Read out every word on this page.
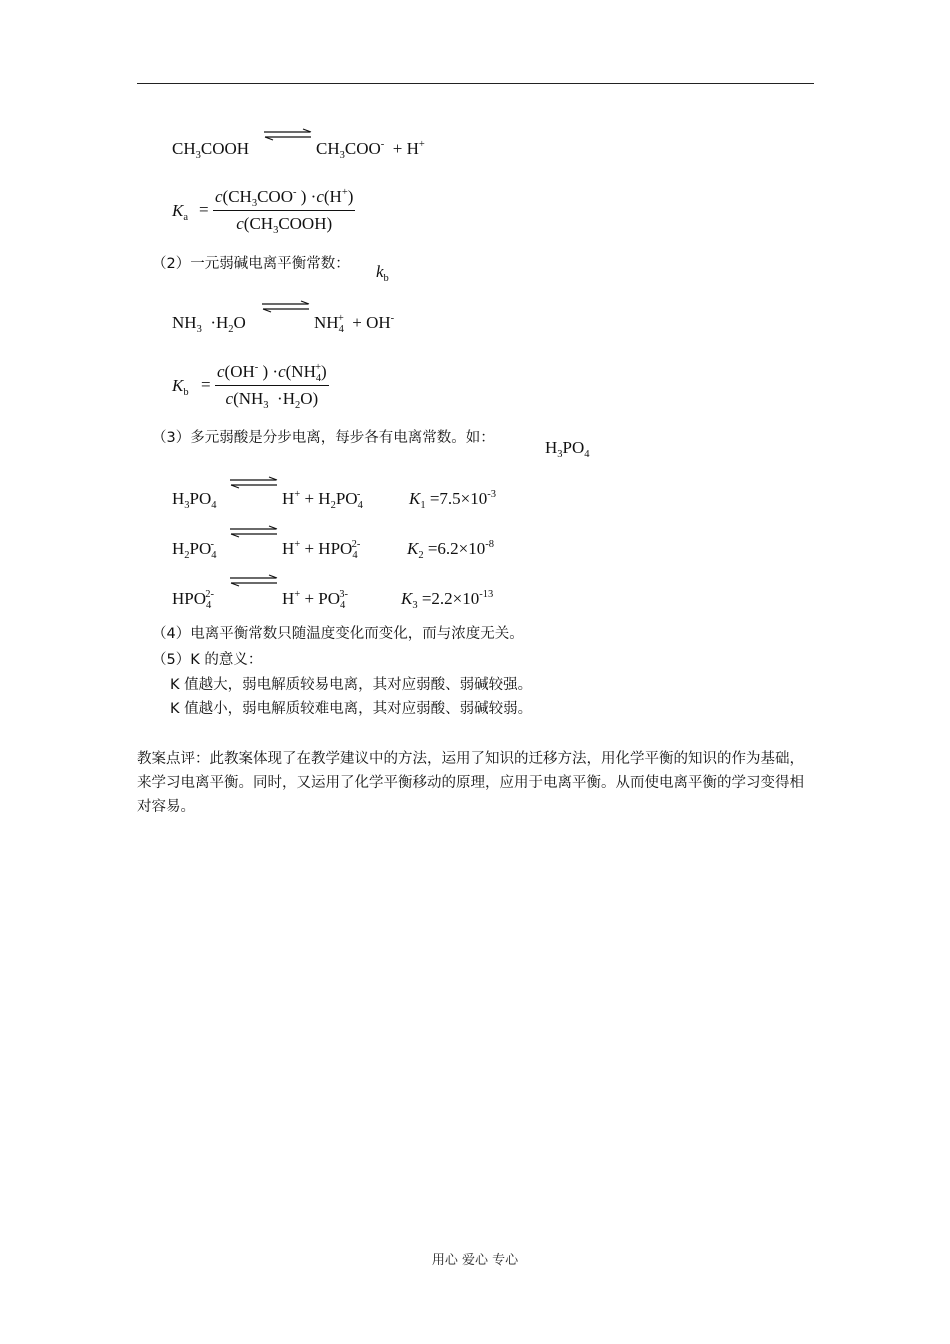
$CH_3COOH$	$CH_3COO^- + H^+$
$K_a$ =
$c(CH_3COO^-$ ) ·c(H+)
$c(CH_3COOH)$
（2）一元弱碱电离平衡常数： $k_b$
$NH_3 \cdot H_2O$	$NH_4^+ + OH^-$
$K_b = \frac{c(OH^- ) \cdot c(NH_4^+)}{c(NH_3 \cdot H_2O)}$
（3）多元弱酸是分步电离，每步各有电离常数。如：	$H_3PO_4$
$H_3PO_4$	$H^+ + H_2PO_4^-$	$K_1 =7.5\times 10^{-3}$
$H_2PO_4^-$	$H^+ + HPO_4^{2-}$	$K_2 =6.2\times 10^{-8}$
$HPO_4^{2-}$	$H^+ + PO_4^{3-}$	$K_3 =2.2\times 10^{-13}$
（4）电离平衡常数只随温度变化而变化，而与浓度无关。
（5）K 的意义：
K 值越大，弱电解质较易电离，其对应弱酸、弱碱较强。
K 值越小，弱电解质较难电离，其对应弱酸、弱碱较弱。
教案点评：此教案体现了在教学建议中的方法，运用了知识的迁移方法，用化学平衡的知识的作为基础，来学习电离平衡。同时，又运用了化学平衡移动的原理，应用于电离平衡。从而使电离平衡的学习变得相对容易。
用心 爱心 专心
